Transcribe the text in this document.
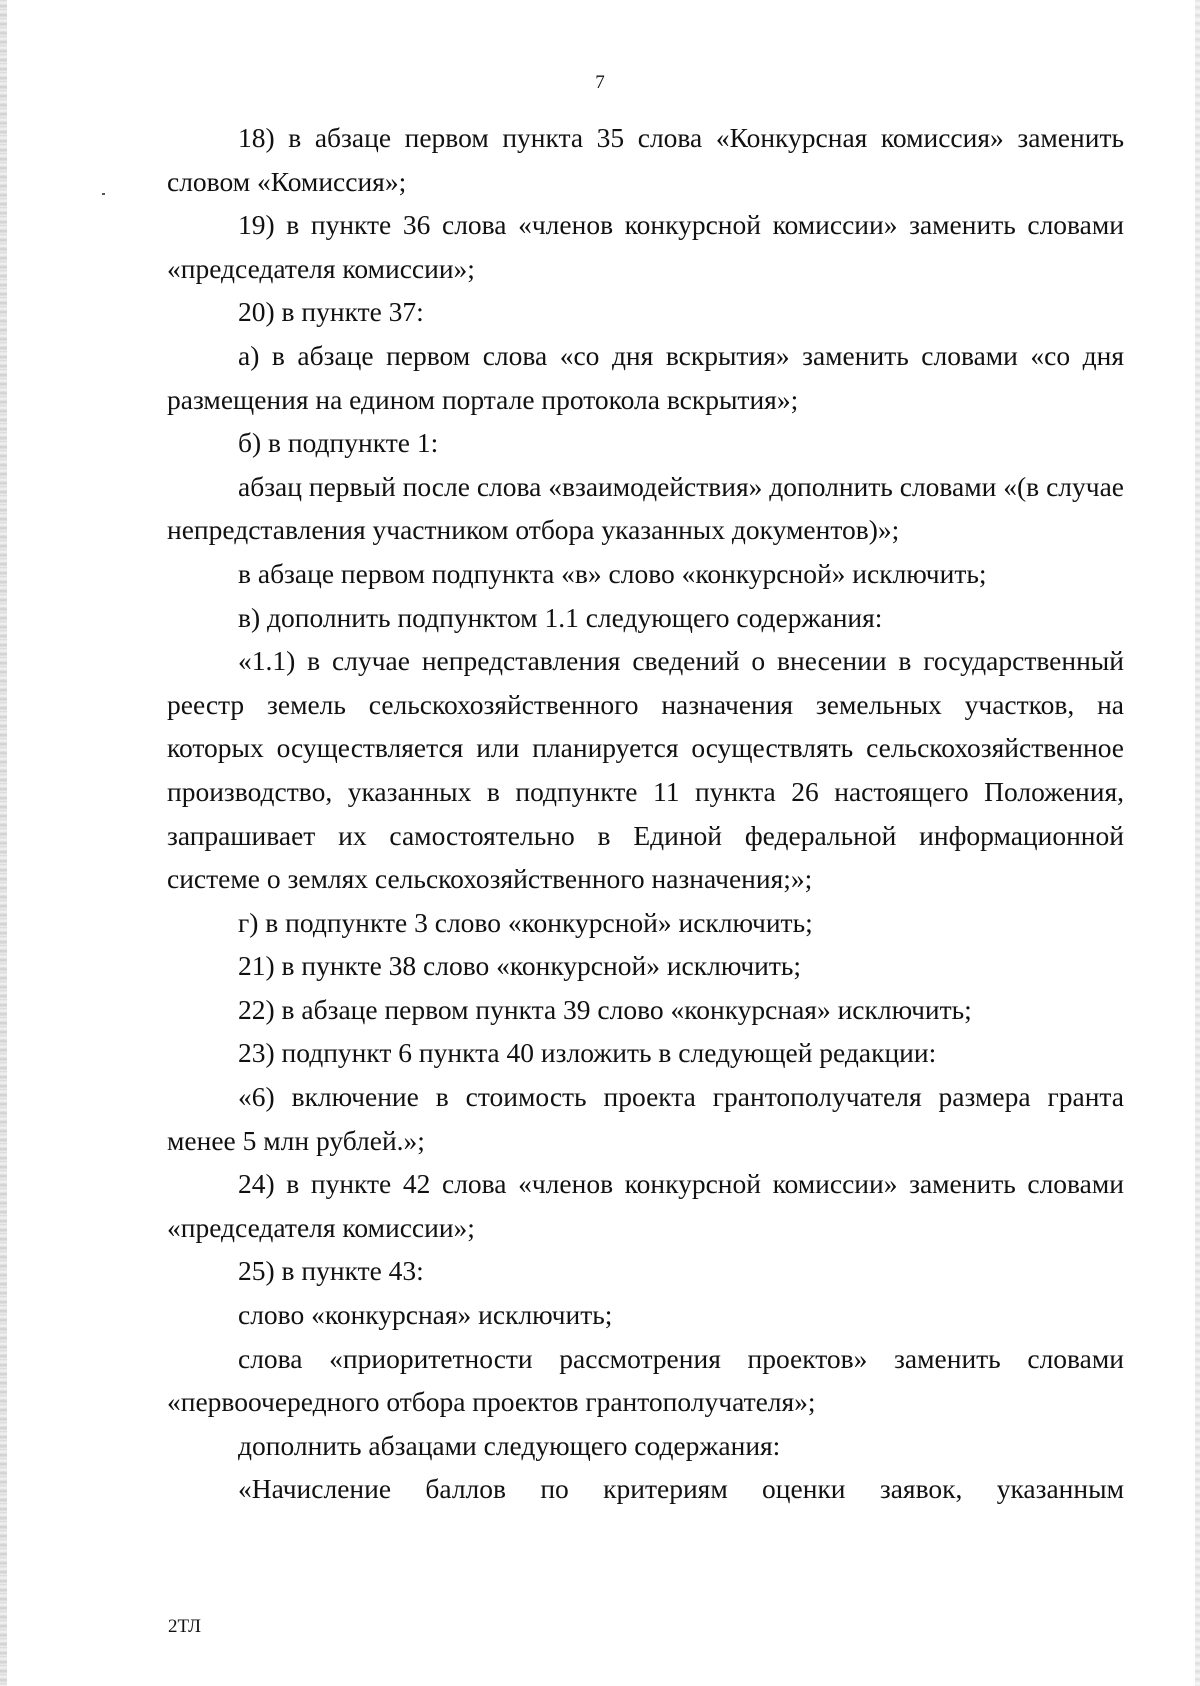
7

18) в абзаце первом пункта 35 слова «Конкурсная комиссия» заменить словом «Комиссия»;

19) в пункте 36 слова «членов конкурсной комиссии» заменить словами «председателя комиссии»;

20) в пункте 37:

а) в абзаце первом слова «со дня вскрытия» заменить словами «со дня размещения на едином портале протокола вскрытия»;

б) в подпункте 1:

абзац первый после слова «взаимодействия» дополнить словами «(в случае непредставления участником отбора указанных документов)»;

в абзаце первом подпункта «в» слово «конкурсной» исключить;

в) дополнить подпунктом 1.1 следующего содержания:

«1.1) в случае непредставления сведений о внесении в государственный реестр земель сельскохозяйственного назначения земельных участков, на которых осуществляется или планируется осуществлять сельскохозяйственное производство, указанных в подпункте 11 пункта 26 настоящего Положения, запрашивает их самостоятельно в Единой федеральной информационной системе о землях сельскохозяйственного назначения;»;

г) в подпункте 3 слово «конкурсной» исключить;

21) в пункте 38 слово «конкурсной» исключить;

22) в абзаце первом пункта 39 слово «конкурсная» исключить;

23) подпункт 6 пункта 40 изложить в следующей редакции:

«6) включение в стоимость проекта грантополучателя размера гранта менее 5 млн рублей.»;

24) в пункте 42 слова «членов конкурсной комиссии» заменить словами «председателя комиссии»;

25) в пункте 43:

слово «конкурсная» исключить;

слова «приоритетности рассмотрения проектов» заменить словами «первоочередного отбора проектов грантополучателя»;

дополнить абзацами следующего содержания:

«Начисление баллов по критериям оценки заявок, указанным

2ТЛ
